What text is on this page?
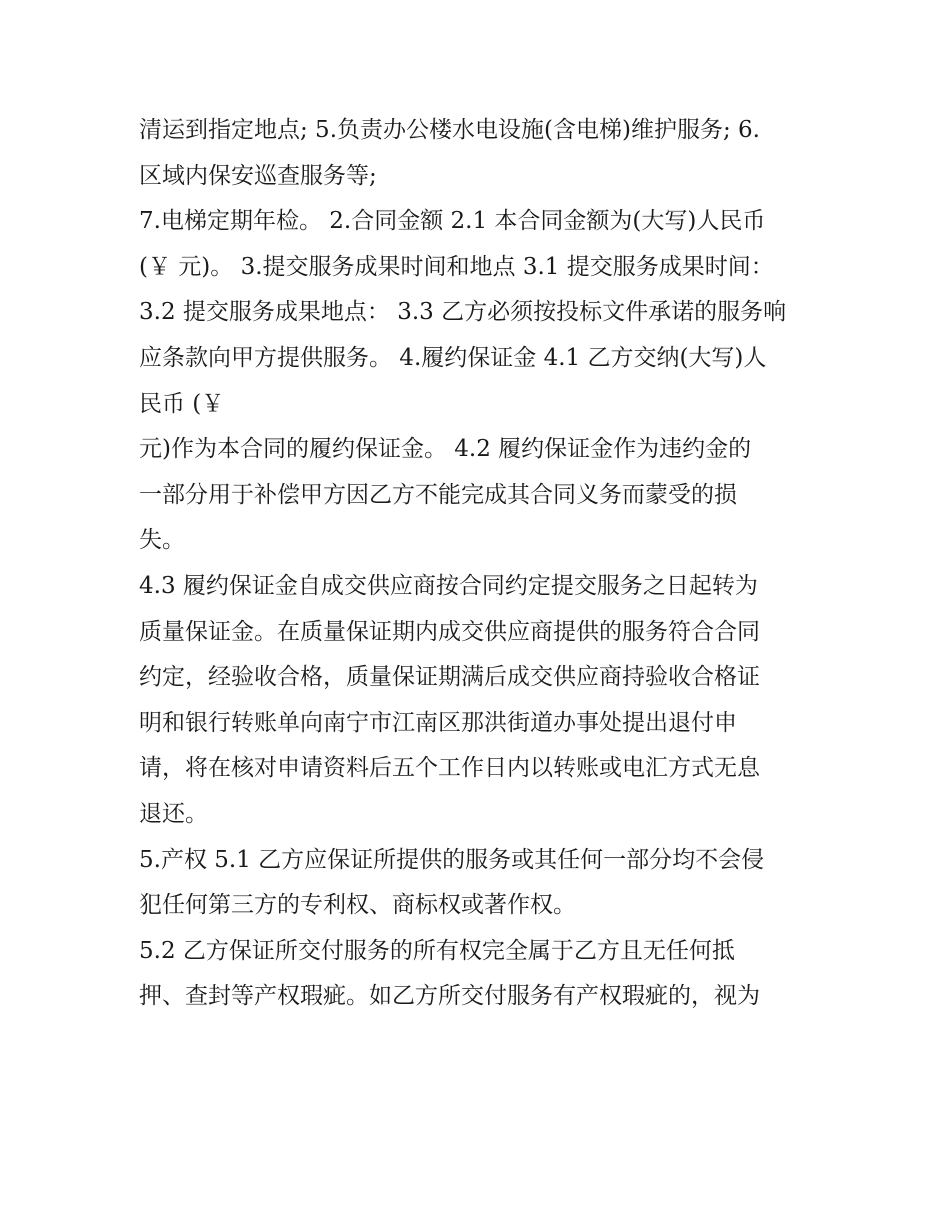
清运到指定地点; 5.负责办公楼水电设施(含电梯)维护服务; 6.
区域内保安巡查服务等;
7.电梯定期年检。 2.合同金额 2.1 本合同金额为(大写)人民币
(￥ 元)。 3.提交服务成果时间和地点 3.1 提交服务成果时间：
3.2 提交服务成果地点： 3.3 乙方必须按投标文件承诺的服务响
应条款向甲方提供服务。 4.履约保证金 4.1 乙方交纳(大写)人
民币 (￥
元)作为本合同的履约保证金。 4.2 履约保证金作为违约金的
一部分用于补偿甲方因乙方不能完成其合同义务而蒙受的损
失。
4.3 履约保证金自成交供应商按合同约定提交服务之日起转为
质量保证金。在质量保证期内成交供应商提供的服务符合合同
约定，经验收合格，质量保证期满后成交供应商持验收合格证
明和银行转账单向南宁市江南区那洪街道办事处提出退付申
请，将在核对申请资料后五个工作日内以转账或电汇方式无息
退还。
5.产权 5.1 乙方应保证所提供的服务或其任何一部分均不会侵
犯任何第三方的专利权、商标权或著作权。
5.2 乙方保证所交付服务的所有权完全属于乙方且无任何抵
押、查封等产权瑕疵。如乙方所交付服务有产权瑕疵的，视为
